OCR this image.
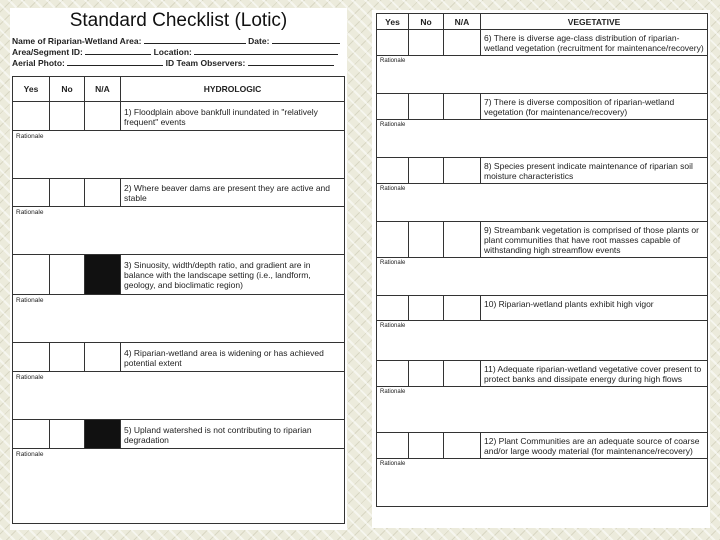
Standard Checklist (Lotic)
Name of Riparian-Wetland Area:	Date:
Area/Segment ID:	Location:
Aerial Photo:	ID Team Observers:
Yes	No	N/A	HYDROLOGIC
			1) Floodplain above bankfull inundated in "relatively frequent" events
Rationale			
			2) Where beaver dams are present they are active and stable
Rationale			
			3) Sinuosity, width/depth ratio, and gradient are in balance with the landscape setting (i.e., landform, geology, and bioclimatic region)
Rationale			
			4) Riparian-wetland area is widening or has achieved potential extent
Rationale			
			5) Upland watershed is not contributing to riparian degradation
Rationale			
Yes	No	N/A	VEGETATIVE
			6) There is diverse age-class distribution of riparian-wetland vegetation (recruitment for maintenance/recovery)
Rationale			
			7) There is diverse composition of riparian-wetland vegetation (for maintenance/recovery)
Rationale			
			8) Species present indicate maintenance of riparian soil moisture characteristics
Rationale			
			9) Streambank vegetation is comprised of those plants or plant communities that have root masses capable of withstanding high streamflow events
Rationale			
			10) Riparian-wetland plants exhibit high vigor
Rationale			
			11) Adequate riparian-wetland vegetative cover present to protect banks and dissipate energy during high flows
Rationale			
			12) Plant Communities are an adequate source of coarse and/or large woody material (for maintenance/recovery)
Rationale			
